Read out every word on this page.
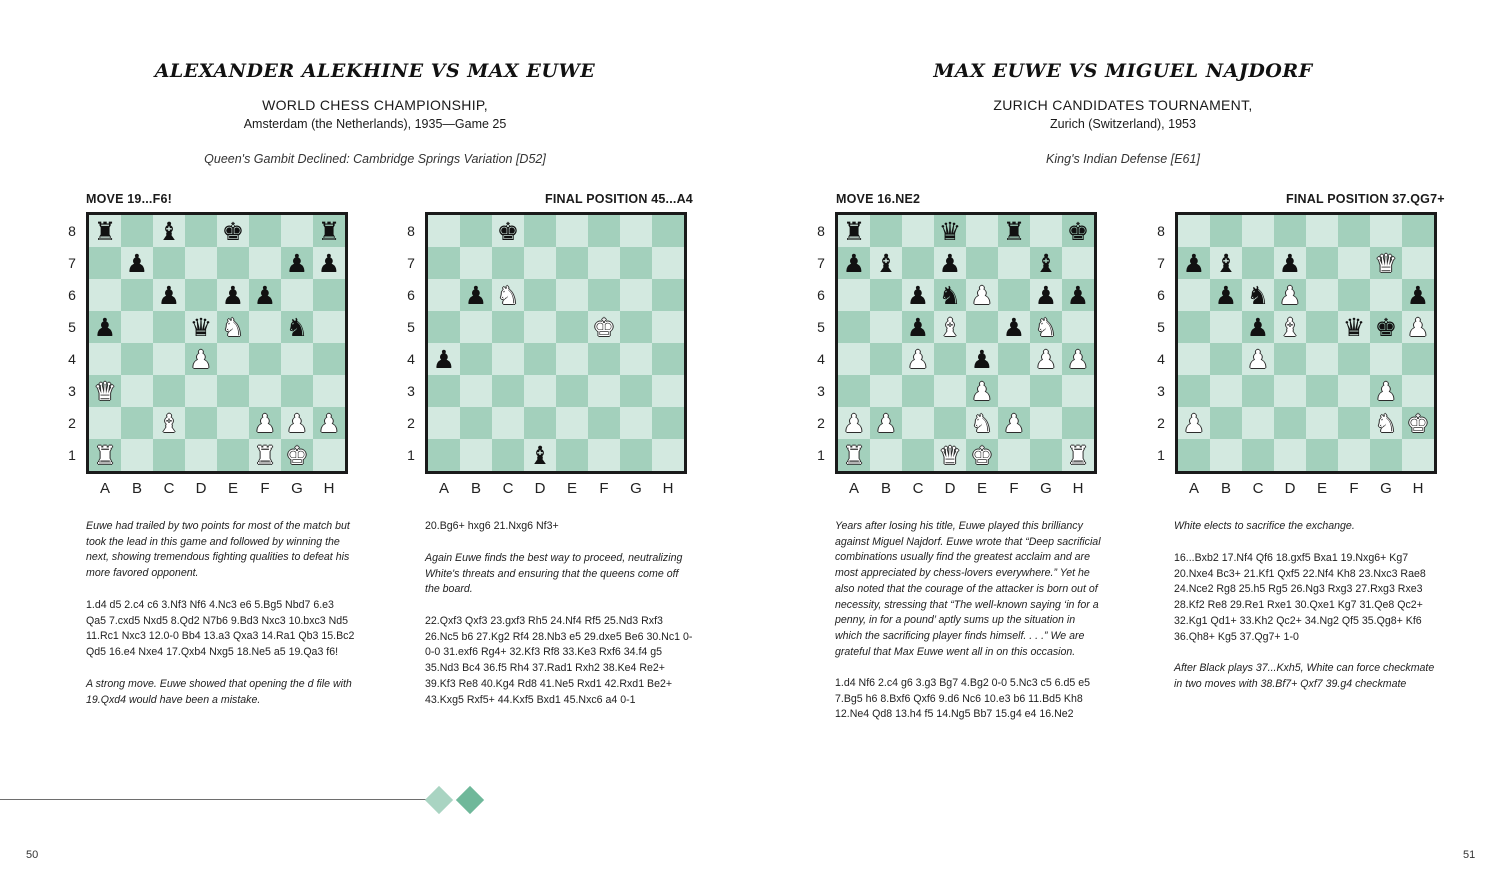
ALEXANDER ALEKHINE VS MAX EUWE
WORLD CHESS CHAMPIONSHIP,
Amsterdam (the Netherlands), 1935—Game 25
Queen's Gambit Declined: Cambridge Springs Variation [D52]
MOVE 19...F6!	FINAL POSITION 45...A4
♜ ♝ ♚	♜
♟	♟ ♟
♟ ♟ ♟
♟	♛ ♞ ♞
♟
♛
♝	♟ ♟ ♟
♜	♜ ♚
8
7
6
5
4
3
2
1
A	B	C	D	E	F	G	H
♚
♟ ♞
♚
♟
♝
8
7
6
5
4
3
2
1
A	B	C	D	E	F	G	H
MAX EUWE VS MIGUEL NAJDORF
ZURICH CANDIDATES TOURNAMENT,
Zurich (Switzerland), 1953
King's Indian Defense [E61]
MOVE 16.NE2	FINAL POSITION 37.QG7+
♜	♛ ♜ ♚
♟ ♝ ♟	♝
♟ ♞ ♟ ♟ ♟
♟ ♝ ♟ ♞
♟ ♟ ♟ ♟
♟
♟ ♟	♞ ♟
♜	♛ ♚	♜
8
7
6
5
4
3
2
1
A	B	C	D	E	F	G	H
♟ ♝ ♟	♛
♟ ♞ ♟	♟
♟ ♝ ♛ ♚ ♟
♟
♟
♟	♞ ♚
8
7
6
5
4
3
2
1
A	B	C	D	E	F	G	H
50	51
Euwe had trailed by two points for most of the match but took the lead in this game and followed by winning the next, showing tremendous fighting qualities to defeat his more favored opponent.
1.d4 d5 2.c4 c6 3.Nf3 Nf6 4.Nc3 e6 5.Bg5 Nbd7 6.e3 Qa5 7.cxd5 Nxd5 8.Qd2 N7b6 9.Bd3 Nxc3 10.bxc3 Nd5 11.Rc1 Nxc3 12.0-0 Bb4 13.a3 Qxa3 14.Ra1 Qb3 15.Bc2 Qd5 16.e4 Nxe4 17.Qxb4 Nxg5 18.Ne5 a5 19.Qa3 f6!
A strong move. Euwe showed that opening the d file with 19.Qxd4 would have been a mistake.
20.Bg6+ hxg6 21.Nxg6 Nf3+
Again Euwe finds the best way to proceed, neutralizing White's threats and ensuring that the queens come off the board.
22.Qxf3 Qxf3 23.gxf3 Rh5 24.Nf4 Rf5 25.Nd3 Rxf3 26.Nc5 b6 27.Kg2 Rf4 28.Nb3 e5 29.dxe5 Be6 30.Nc1 0-0-0 31.exf6 Rg4+ 32.Kf3 Rf8 33.Ke3 Rxf6 34.f4 g5 35.Nd3 Bc4 36.f5 Rh4 37.Rad1 Rxh2 38.Ke4 Re2+ 39.Kf3 Re8 40.Kg4 Rd8 41.Ne5 Rxd1 42.Rxd1 Be2+ 43.Kxg5 Rxf5+ 44.Kxf5 Bxd1 45.Nxc6 a4 0-1
Years after losing his title, Euwe played this brilliancy against Miguel Najdorf. Euwe wrote that “Deep sacrificial combinations usually find the greatest acclaim and are most appreciated by chess-lovers everywhere.” Yet he also noted that the courage of the attacker is born out of necessity, stressing that “The well-known saying ‘in for a penny, in for a pound’ aptly sums up the situation in which the sacrificing player finds himself. . . .” We are grateful that Max Euwe went all in on this occasion.
1.d4 Nf6 2.c4 g6 3.g3 Bg7 4.Bg2 0-0 5.Nc3 c5 6.d5 e5 7.Bg5 h6 8.Bxf6 Qxf6 9.d6 Nc6 10.e3 b6 11.Bd5 Kh8 12.Ne4 Qd8 13.h4 f5 14.Ng5 Bb7 15.g4 e4 16.Ne2
White elects to sacrifice the exchange.
16...Bxb2 17.Nf4 Qf6 18.gxf5 Bxa1 19.Nxg6+ Kg7 20.Nxe4 Bc3+ 21.Kf1 Qxf5 22.Nf4 Kh8 23.Nxc3 Rae8 24.Nce2 Rg8 25.h5 Rg5 26.Ng3 Rxg3 27.Rxg3 Rxe3 28.Kf2 Re8 29.Re1 Rxe1 30.Qxe1 Kg7 31.Qe8 Qc2+ 32.Kg1 Qd1+ 33.Kh2 Qc2+ 34.Ng2 Qf5 35.Qg8+ Kf6 36.Qh8+ Kg5 37.Qg7+ 1-0
After Black plays 37...Kxh5, White can force checkmate in two moves with 38.Bf7+ Qxf7 39.g4 checkmate
